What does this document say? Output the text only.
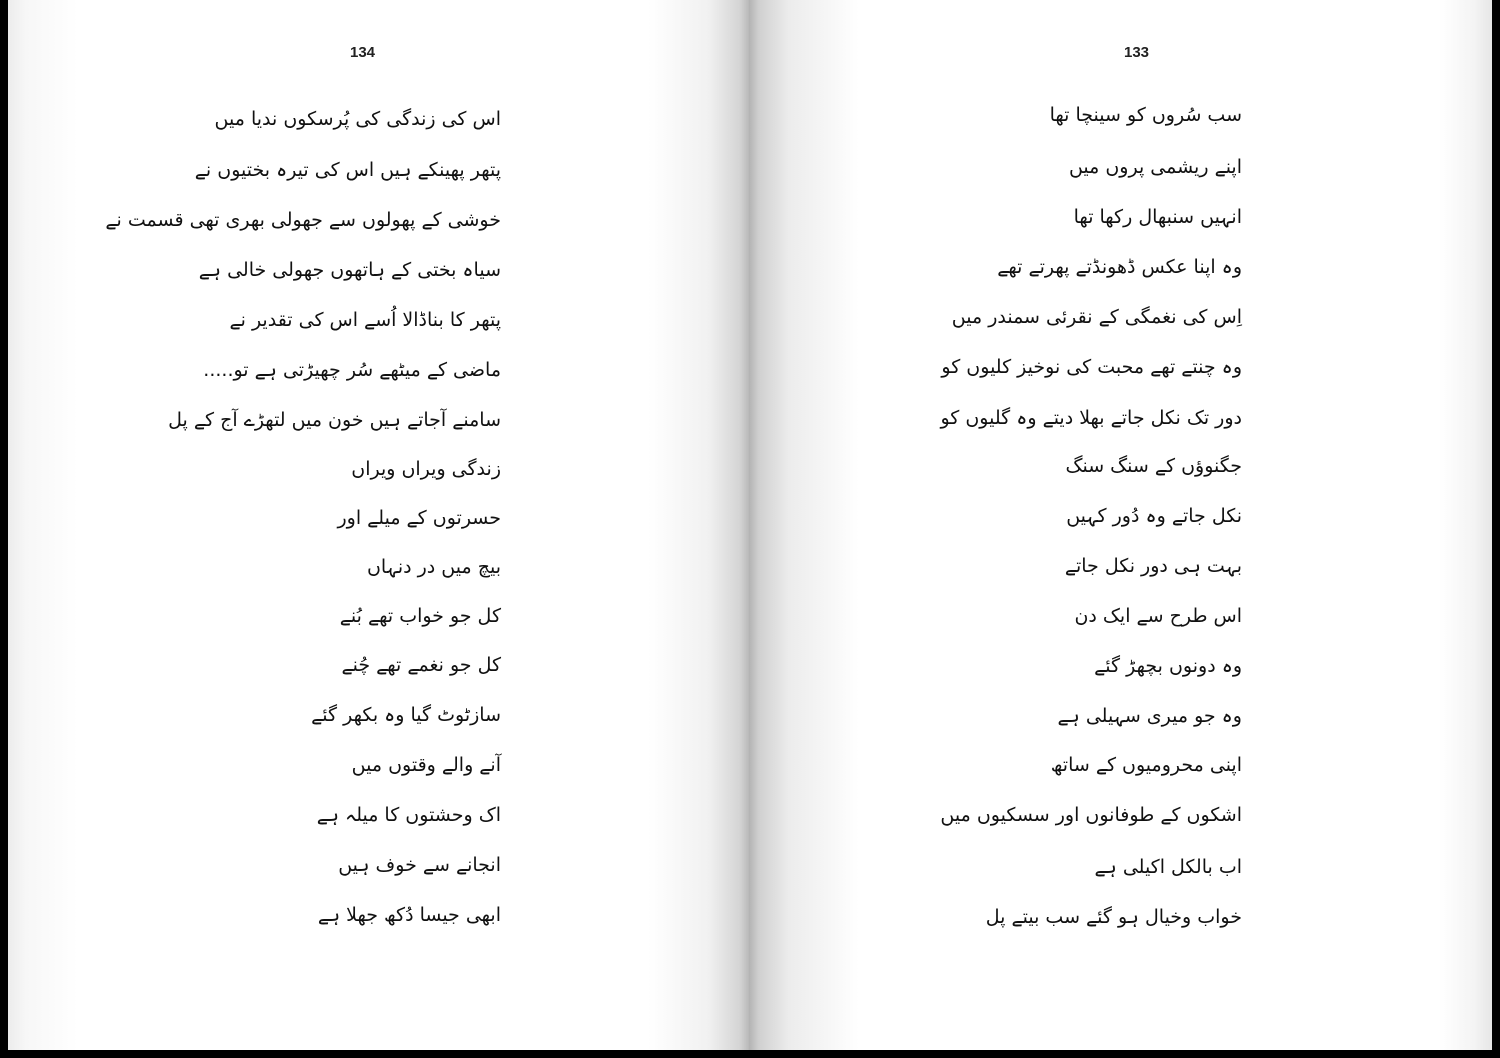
134
اس کی زندگی کی پُرسکوں ندیا میں
پتھر پھینکے ہیں اس کی تیرہ بختیوں نے
خوشی کے پھولوں سے جھولی بھری تھی قسمت نے
سیاہ بختی کے ہاتھوں جھولی خالی ہے
پتھر کا بناڈالا اُسے اس کی تقدیر نے
ماضی کے میٹھے سُر چھیڑتی ہے تو.....
سامنے آجاتے ہیں خون میں لتھڑے آج کے پل
زندگی ویراں ویراں
حسرتوں کے میلے اور
بیچ میں در دنہاں
کل جو خواب تھے بُنے
کل جو نغمے تھے چُنے
سازٹوٹ گیا وہ بکھر گئے
آنے والے وقتوں میں
اک وحشتوں کا میلہ ہے
انجانے سے خوف ہیں
ابھی جیسا دُکھ جھلا ہے
133
سب سُروں کو سینچا تھا
اپنے ریشمی پروں میں
انہیں سنبھال رکھا تھا
وہ اپنا عکس ڈھونڈتے پھرتے تھے
اِس کی نغمگی کے نقرئی سمندر میں
وہ چنتے تھے محبت کی نوخیز کلیوں کو
دور تک نکل جاتے بھلا دیتے وہ گلیوں کو
جگنوؤں کے سنگ سنگ
نکل جاتے وہ دُور کہیں
بہت ہی دور نکل جاتے
اس طرح سے ایک دن
وہ دونوں بچھڑ گئے
وہ جو میری سہیلی ہے
اپنی محرومیوں کے ساتھ
اشکوں کے طوفانوں اور سسکیوں میں
اب بالکل اکیلی ہے
خواب وخیال ہو گئے سب بیتے پل
